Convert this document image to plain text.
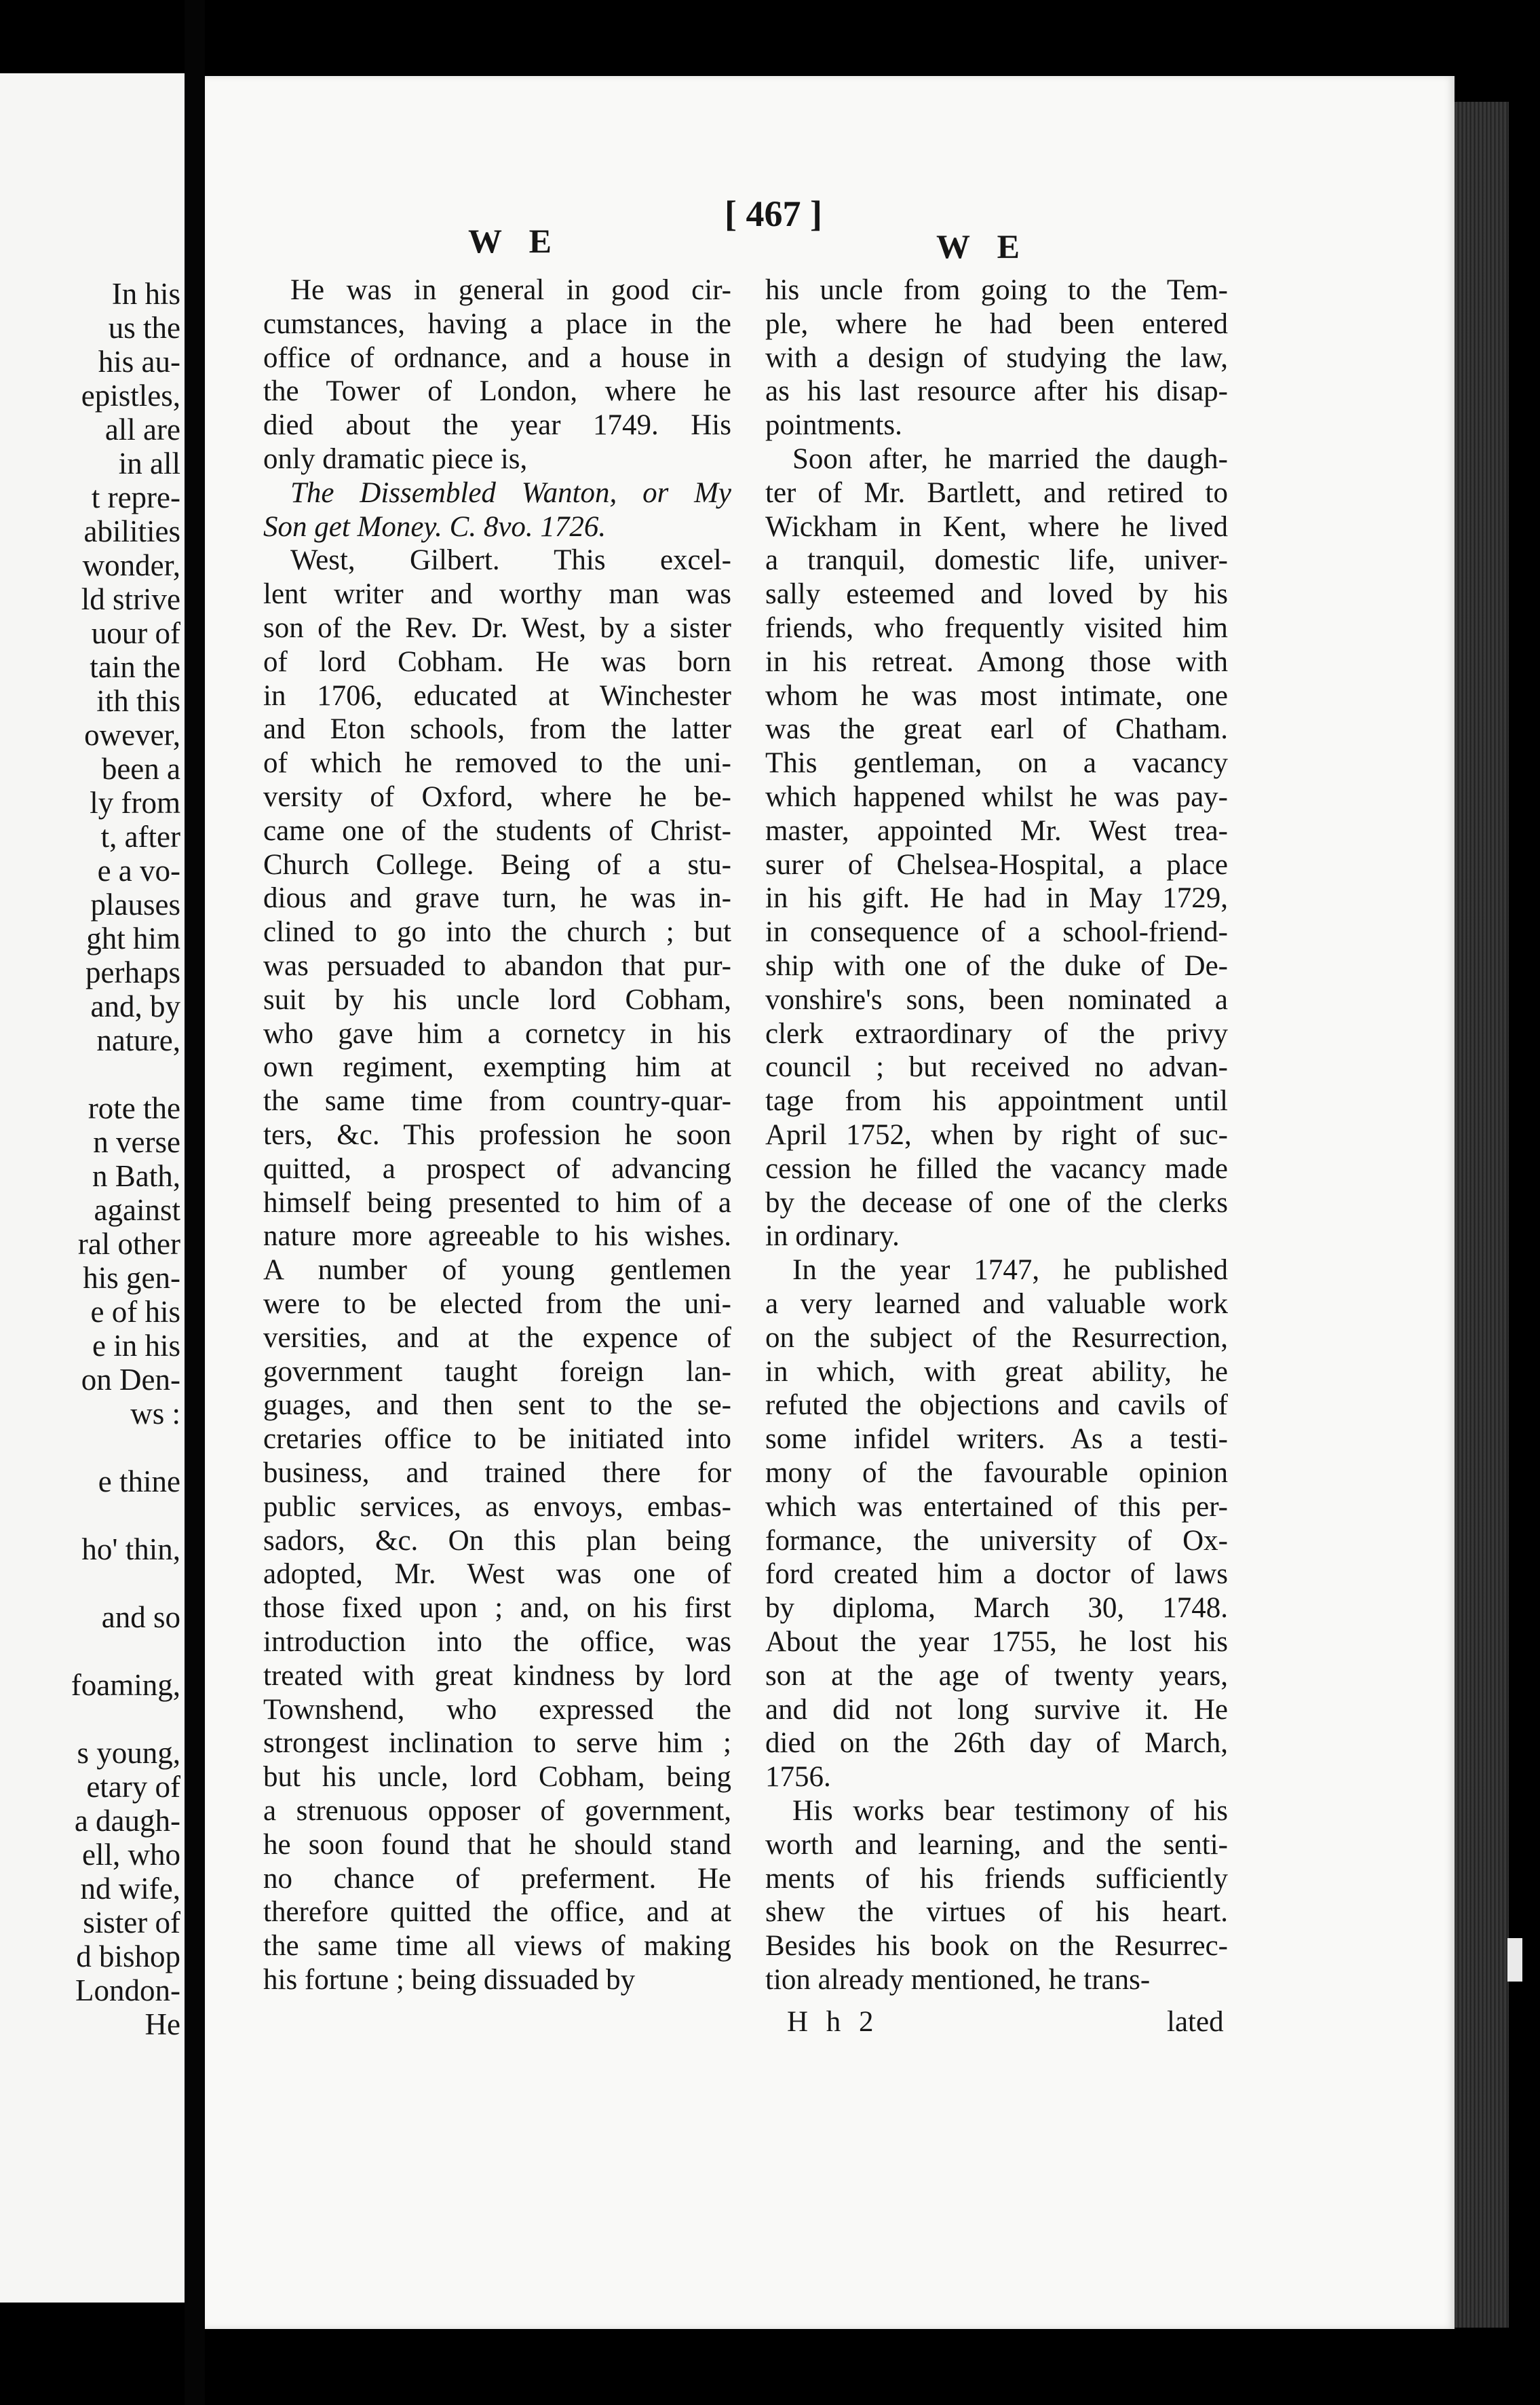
In his
us the
his au-
epistles,
all are
in all
t repre-
abilities
wonder,
ld strive
uour of
tain the
ith this
owever,
been a
ly from
t, after
e a vo-
plauses
ght him
perhaps
and, by
nature,
rote the
n verse
n Bath,
against
ral other
his gen-
e of his
e in his
on Den-
ws :
e thine
ho' thin,
and so
foaming,
s young,
etary of
a daugh-
ell, who
nd wife,
sister of
d bishop
London-
He
W E
[ 467 ]
W E
He was in general in good cir-
cumstances, having a place in the
office of ordnance, and a house in
the Tower of London, where he
died about the year 1749. His
only dramatic piece is,
The Dissembled Wanton, or My
Son get Money. C. 8vo. 1726.
West, Gilbert. This excel-
lent writer and worthy man was
son of the Rev. Dr. West, by a sister
of lord Cobham. He was born
in 1706, educated at Winchester
and Eton schools, from the latter
of which he removed to the uni-
versity of Oxford, where he be-
came one of the students of Christ-
Church College. Being of a stu-
dious and grave turn, he was in-
clined to go into the church ; but
was persuaded to abandon that pur-
suit by his uncle lord Cobham,
who gave him a cornetcy in his
own regiment, exempting him at
the same time from country-quar-
ters, &c. This profession he soon
quitted, a prospect of advancing
himself being presented to him of a
nature more agreeable to his wishes.
A number of young gentlemen
were to be elected from the uni-
versities, and at the expence of
government taught foreign lan-
guages, and then sent to the se-
cretaries office to be initiated into
business, and trained there for
public services, as envoys, embas-
sadors, &c. On this plan being
adopted, Mr. West was one of
those fixed upon ; and, on his first
introduction into the office, was
treated with great kindness by lord
Townshend, who expressed the
strongest inclination to serve him ;
but his uncle, lord Cobham, being
a strenuous opposer of government,
he soon found that he should stand
no chance of preferment. He
therefore quitted the office, and at
the same time all views of making
his fortune ; being dissuaded by
his uncle from going to the Tem-
ple, where he had been entered
with a design of studying the law,
as his last resource after his disap-
pointments.
Soon after, he married the daugh-
ter of Mr. Bartlett, and retired to
Wickham in Kent, where he lived
a tranquil, domestic life, univer-
sally esteemed and loved by his
friends, who frequently visited him
in his retreat. Among those with
whom he was most intimate, one
was the great earl of Chatham.
This gentleman, on a vacancy
which happened whilst he was pay-
master, appointed Mr. West trea-
surer of Chelsea-Hospital, a place
in his gift. He had in May 1729,
in consequence of a school-friend-
ship with one of the duke of De-
vonshire's sons, been nominated a
clerk extraordinary of the privy
council ; but received no advan-
tage from his appointment until
April 1752, when by right of suc-
cession he filled the vacancy made
by the decease of one of the clerks
in ordinary.
In the year 1747, he published
a very learned and valuable work
on the subject of the Resurrection,
in which, with great ability, he
refuted the objections and cavils of
some infidel writers. As a testi-
mony of the favourable opinion
which was entertained of this per-
formance, the university of Ox-
ford created him a doctor of laws
by diploma, March 30, 1748.
About the year 1755, he lost his
son at the age of twenty years,
and did not long survive it. He
died on the 26th day of March,
1756.
His works bear testimony of his
worth and learning, and the senti-
ments of his friends sufficiently
shew the virtues of his heart.
Besides his book on the Resurrec-
tion already mentioned, he trans-
H h 2	lated
